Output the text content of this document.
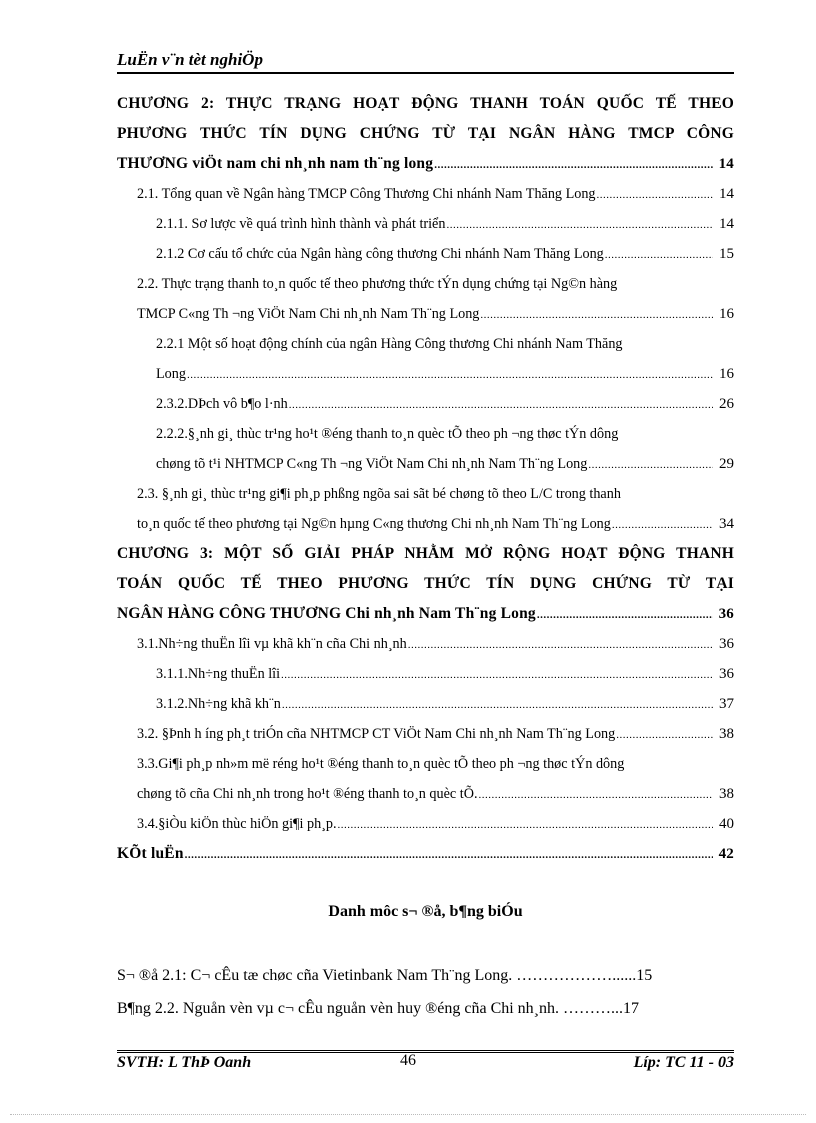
LuËn v¨n tèt nghiÖp
CHƯƠNG 2: THỰC TRẠNG HOẠT ĐỘNG THANH TOÁN QUỐC TẾ THEO
PHƯƠNG THỨC TÍN DỤNG CHỨNG TỪ TẠI NGÂN HÀNG TMCP CÔNG
THƯƠNG viÖt nam chi nh¸nh nam th¨ng long .....	14
2.1. Tổng quan về Ngân hàng TMCP Công Thương Chi nhánh Nam Thăng Long .....	14
2.1.1. Sơ lược về quá trình hình thành và phát triển .....	14
2.1.2 Cơ cấu tổ chức của Ngân hàng công thương Chi nhánh Nam Thăng Long .....	15
2.2. Thực trạng thanh to¸n quốc tế theo phương thức tÝn dụng chứng tại Ng©n hàng
TMCP C«ng Th ¬ng ViÖt Nam Chi nh¸nh Nam Th¨ng Long .....	16
2.2.1 Một số hoạt động chính của ngân Hàng Công thương Chi nhánh Nam Thăng
Long .....	16
2.3.2.DÞch vô b¶o l·nh .....	26
2.2.2.§¸nh gi¸ thùc tr¹ng ho¹t ®éng thanh to¸n quèc tÕ theo ph ¬ng thøc tÝn dông
chøng tõ t¹i NHTMCP C«ng Th ¬ng ViÖt Nam Chi nh¸nh Nam Th¨ng Long .....	29
2.3. §¸nh gi¸ thùc tr¹ng gi¶i ph¸p phßng ngõa sai sãt bé chøng tõ theo L/C trong thanh
to¸n quốc tế theo phương tại Ng©n hµng C«ng thương Chi nh¸nh Nam Th¨ng Long .....	34
CHƯƠNG 3: MỘT SỐ GIẢI PHÁP NHẰM MỞ RỘNG HOẠT ĐỘNG THANH
TOÁN QUỐC TẾ THEO PHƯƠNG THỨC TÍN DỤNG CHỨNG TỪ TẠI
NGÂN HÀNG CÔNG THƯƠNG Chi nh¸nh Nam Th¨ng Long .....	36
3.1.Nh÷ng thuËn lîi vµ khã kh¨n cña Chi nh¸nh .....	36
3.1.1.Nh÷ng thuËn lîi .....	36
3.1.2.Nh÷ng khã kh¨n .....	37
3.2. §Þnh h íng ph¸t triÓn cña NHTMCP CT ViÖt Nam Chi nh¸nh Nam Th¨ng Long .....	38
3.3.Gi¶i ph¸p nh»m më réng ho¹t ®éng thanh to¸n quèc tÕ theo ph ¬ng thøc tÝn dông
chøng tõ cña Chi nh¸nh trong ho¹t ®éng thanh to¸n quèc tÕ. .....	38
3.4.§iÒu kiÖn thùc hiÖn gi¶i ph¸p. .....	40
KÕt luËn .....	42
Danh môc s¬ ®å, b¶ng biÓu
S¬ ®å 2.1: C¬ cÊu tæ chøc cña Vietinbank Nam Th¨ng Long. ………………......15
B¶ng 2.2. Nguån vèn vµ c¬ cÊu nguån vèn huy ®éng cña Chi nh¸nh. ………...17
46
SVTH: L ThÞ Oanh	Líp: TC 11 - 03
